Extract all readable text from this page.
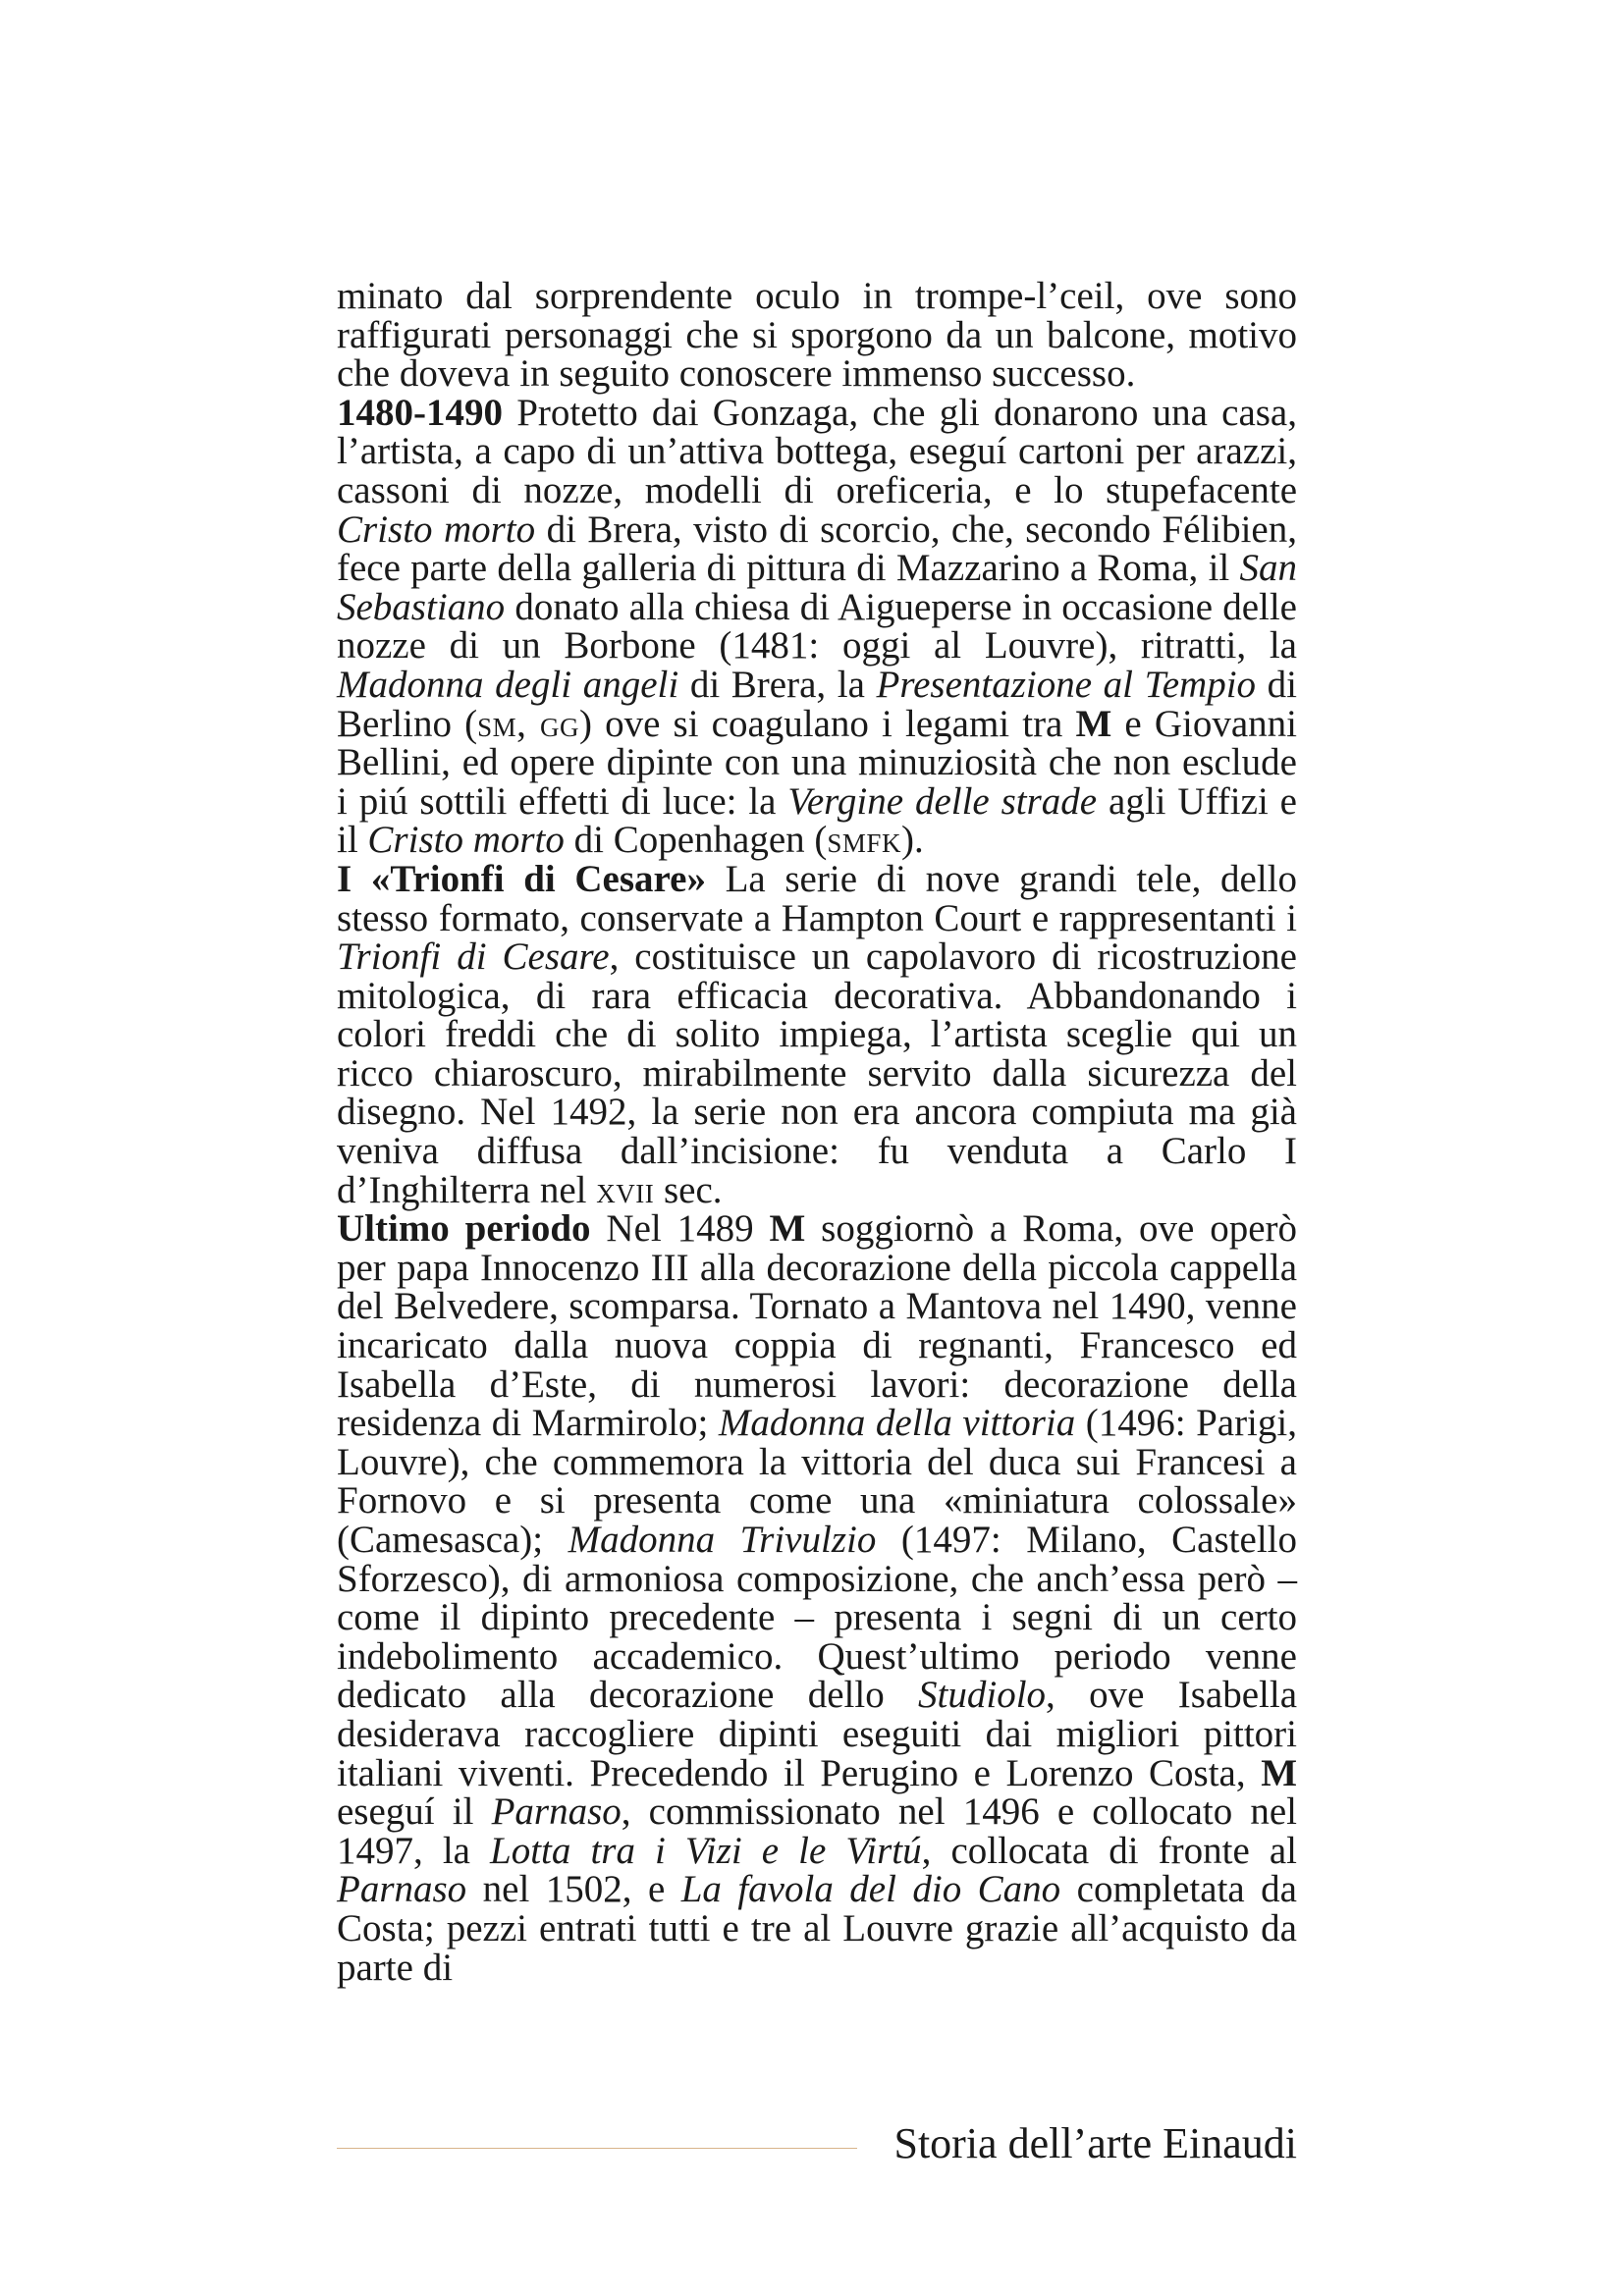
minato dal sorprendente oculo in trompe-l’ceil, ove sono raffigurati personaggi che si sporgono da un balcone, motivo che doveva in seguito conoscere immenso successo.

1480-1490 Protetto dai Gonzaga, che gli donarono una casa, l’artista, a capo di un’attiva bottega, eseguí cartoni per arazzi, cassoni di nozze, modelli di oreficeria, e lo stupefacente Cristo morto di Brera, visto di scorcio, che, secondo Félibien, fece parte della galleria di pittura di Mazzarino a Roma, il San Sebastiano donato alla chiesa di Aigueperse in occasione delle nozze di un Borbone (1481: oggi al Louvre), ritratti, la Madonna degli angeli di Brera, la Presentazione al Tempio di Berlino (sm, gg) ove si coagulano i legami tra M e Giovanni Bellini, ed opere dipinte con una minuziosità che non esclude i piú sottili effetti di luce: la Vergine delle strade agli Uffizi e il Cristo morto di Copenhagen (smfk).

I «Trionfi di Cesare» La serie di nove grandi tele, dello stesso formato, conservate a Hampton Court e rappresentanti i Trionfi di Cesare, costituisce un capolavoro di ricostruzione mitologica, di rara efficacia decorativa. Abbandonando i colori freddi che di solito impiega, l’artista sceglie qui un ricco chiaroscuro, mirabilmente servito dalla sicurezza del disegno. Nel 1492, la serie non era ancora compiuta ma già veniva diffusa dall’incisione: fu venduta a Carlo I d’Inghilterra nel xvii sec.

Ultimo periodo Nel 1489 M soggiornò a Roma, ove operò per papa Innocenzo III alla decorazione della piccola cappella del Belvedere, scomparsa. Tornato a Mantova nel 1490, venne incaricato dalla nuova coppia di regnanti, Francesco ed Isabella d’Este, di numerosi lavori: decorazione della residenza di Marmirolo; Madonna della vittoria (1496: Parigi, Louvre), che commemora la vittoria del duca sui Francesi a Fornovo e si presenta come una «miniatura colossale» (Camesasca); Madonna Trivulzio (1497: Milano, Castello Sforzesco), di armoniosa composizione, che anch’essa però – come il dipinto precedente – presenta i segni di un certo indebolimento accademico. Quest’ultimo periodo venne dedicato alla decorazione dello Studiolo, ove Isabella desiderava raccogliere dipinti eseguiti dai migliori pittori italiani viventi. Precedendo il Perugino e Lorenzo Costa, M eseguí il Parnaso, commissionato nel 1496 e collocato nel 1497, la Lotta tra i Vizi e le Virtú, collocata di fronte al Parnaso nel 1502, e La favola del dio Cano completata da Costa; pezzi entrati tutti e tre al Louvre grazie all’acquisto da parte di

Storia dell’arte Einaudi
